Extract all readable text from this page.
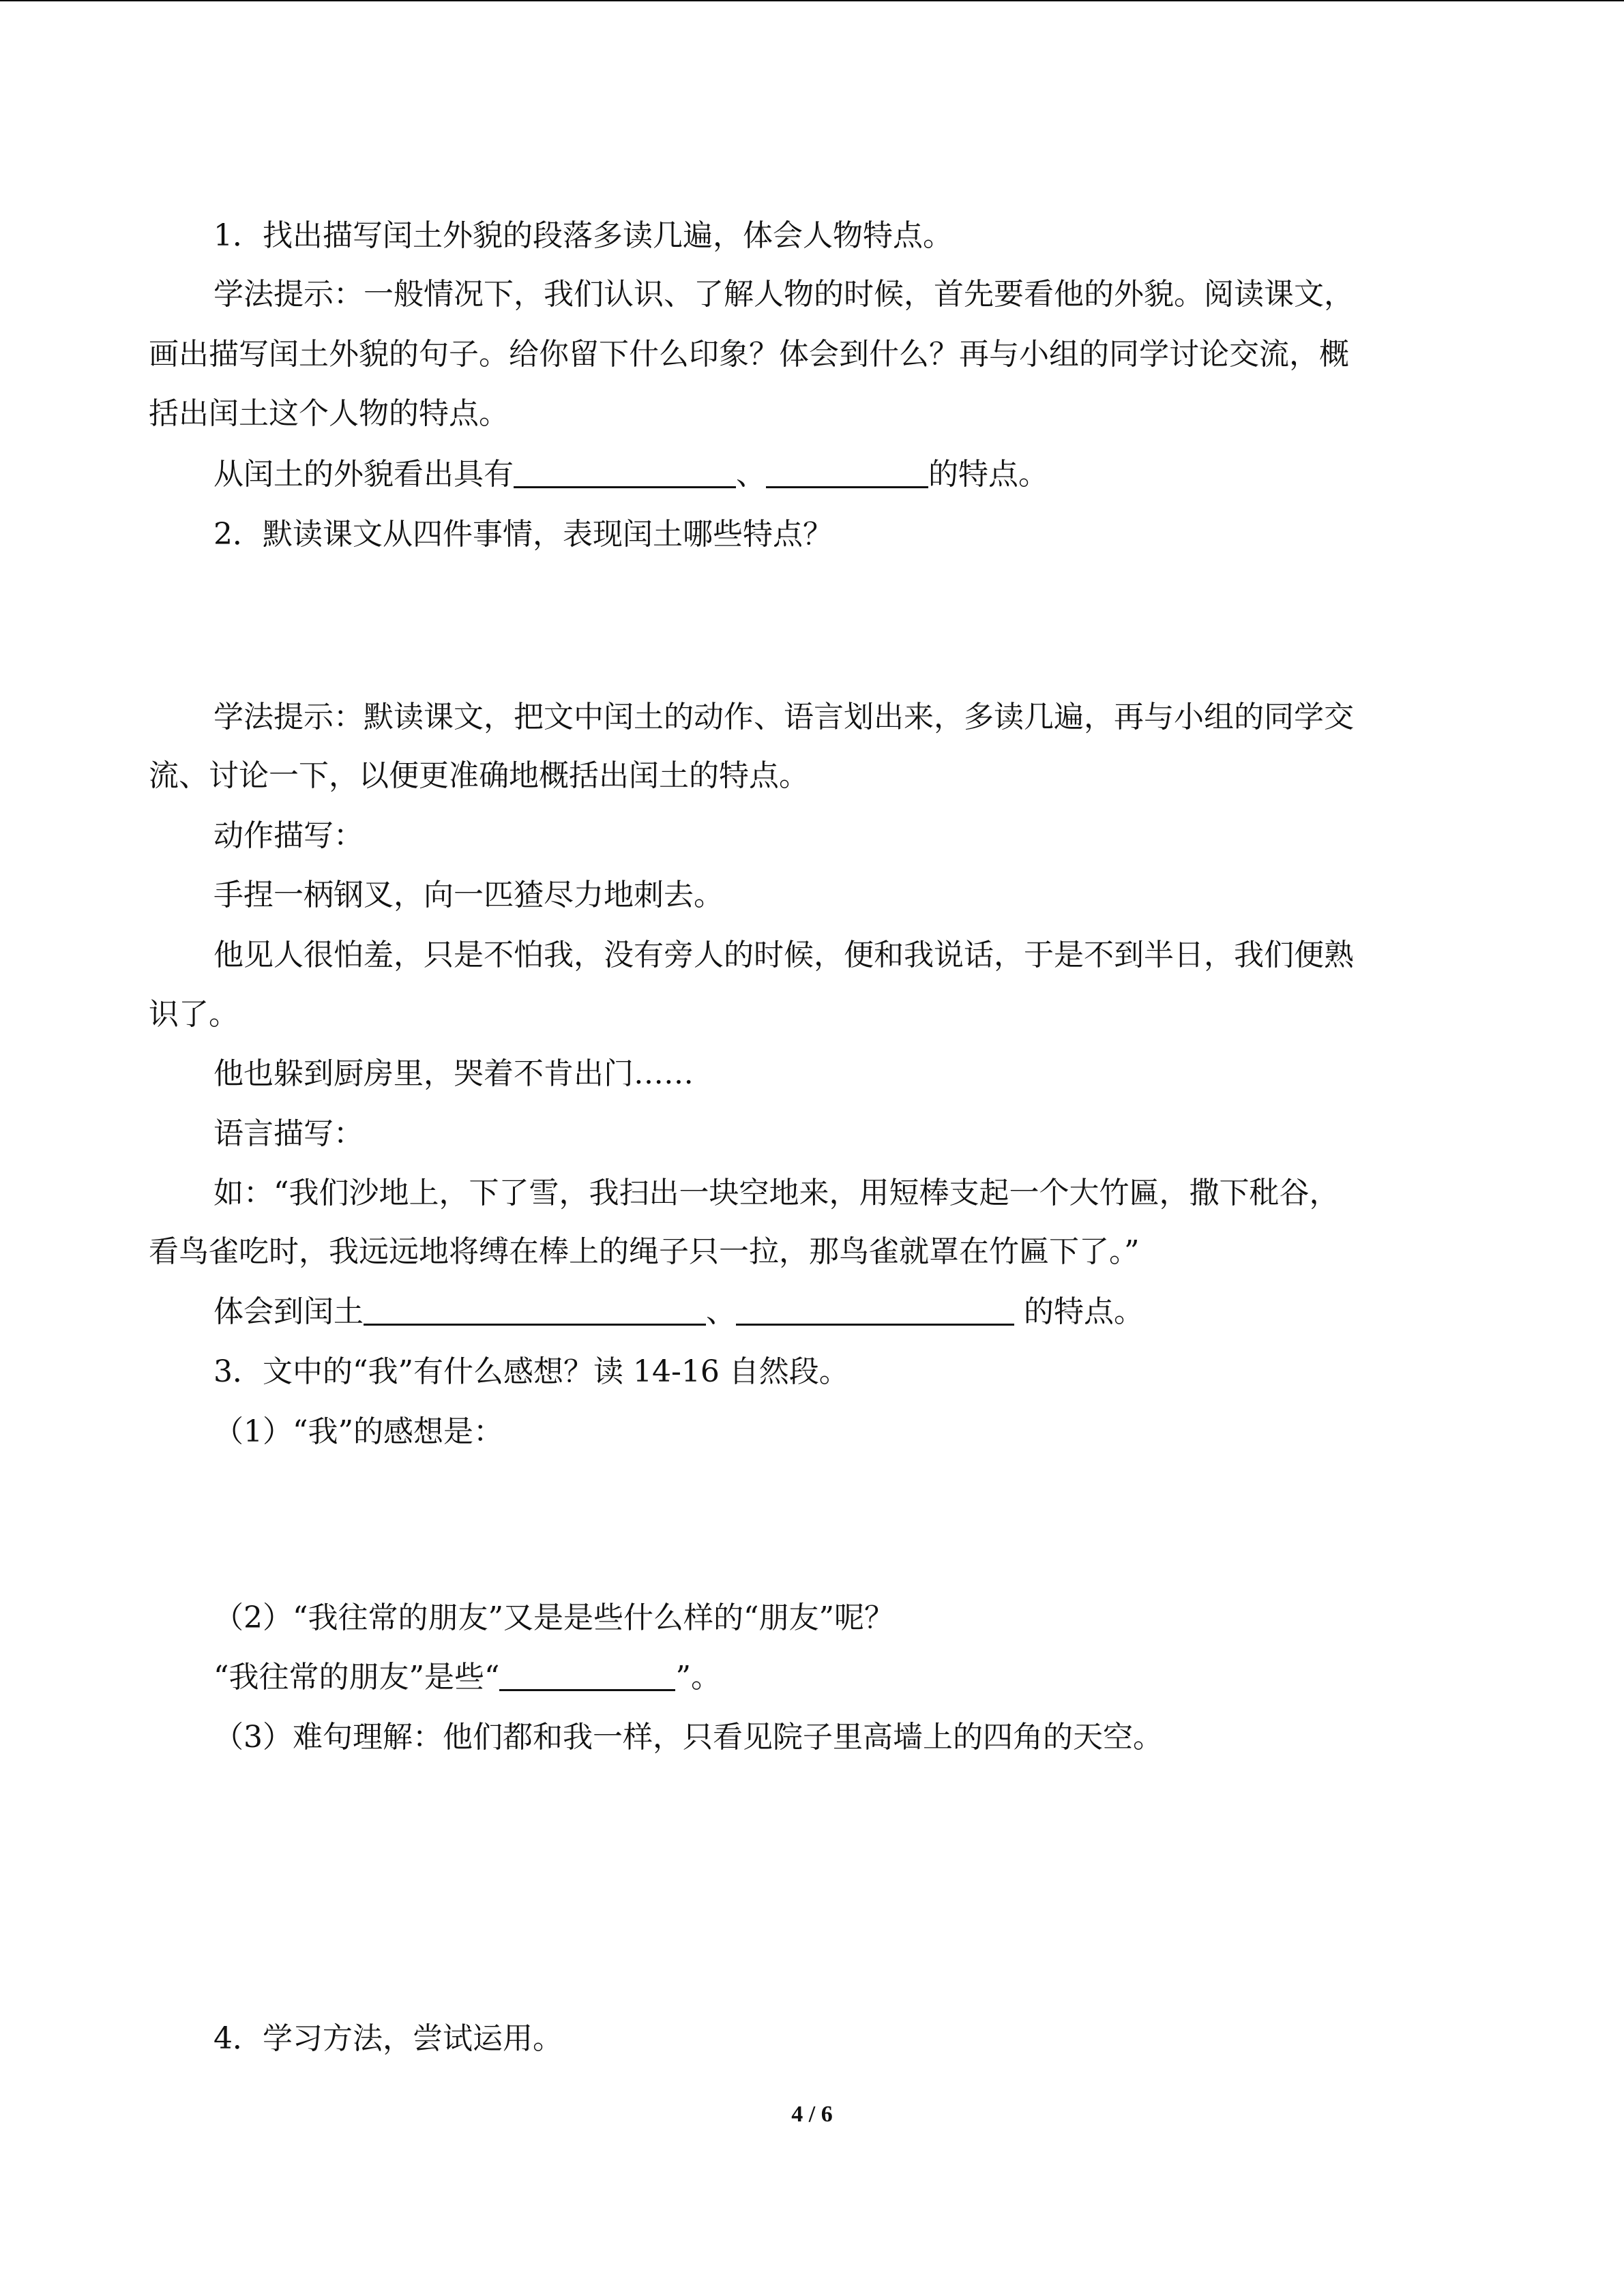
1．找出描写闰土外貌的段落多读几遍，体会人物特点。
学法提示：一般情况下，我们认识、了解人物的时候，首先要看他的外貌。阅读课文，
画出描写闰土外貌的句子。给你留下什么印象？体会到什么？再与小组的同学讨论交流，概
括出闰土这个人物的特点。
从闰土的外貌看出具有	、	的特点。
2．默读课文从四件事情，表现闰土哪些特点？
学法提示：默读课文，把文中闰土的动作、语言划出来，多读几遍，再与小组的同学交
流、讨论一下，以便更准确地概括出闰土的特点。
动作描写：
手捏一柄钢叉，向一匹猹尽力地刺去。
他见人很怕羞，只是不怕我，没有旁人的时候，便和我说话，于是不到半日，我们便熟
识了。
他也躲到厨房里，哭着不肯出门……
语言描写：
如：“我们沙地上，下了雪，我扫出一块空地来，用短棒支起一个大竹匾，撒下秕谷，
看鸟雀吃时，我远远地将缚在棒上的绳子只一拉，那鸟雀就罩在竹匾下了。”
体会到闰土	、	的特点。
3．文中的“我”有什么感想？读 14-16 自然段。
（1）“我”的感想是：
（2）“我往常的朋友”又是是些什么样的“朋友”呢？
“我往常的朋友”是些“	”。
（3）难句理解：他们都和我一样，只看见院子里高墙上的四角的天空。
4．学习方法，尝试运用。
4 / 6
